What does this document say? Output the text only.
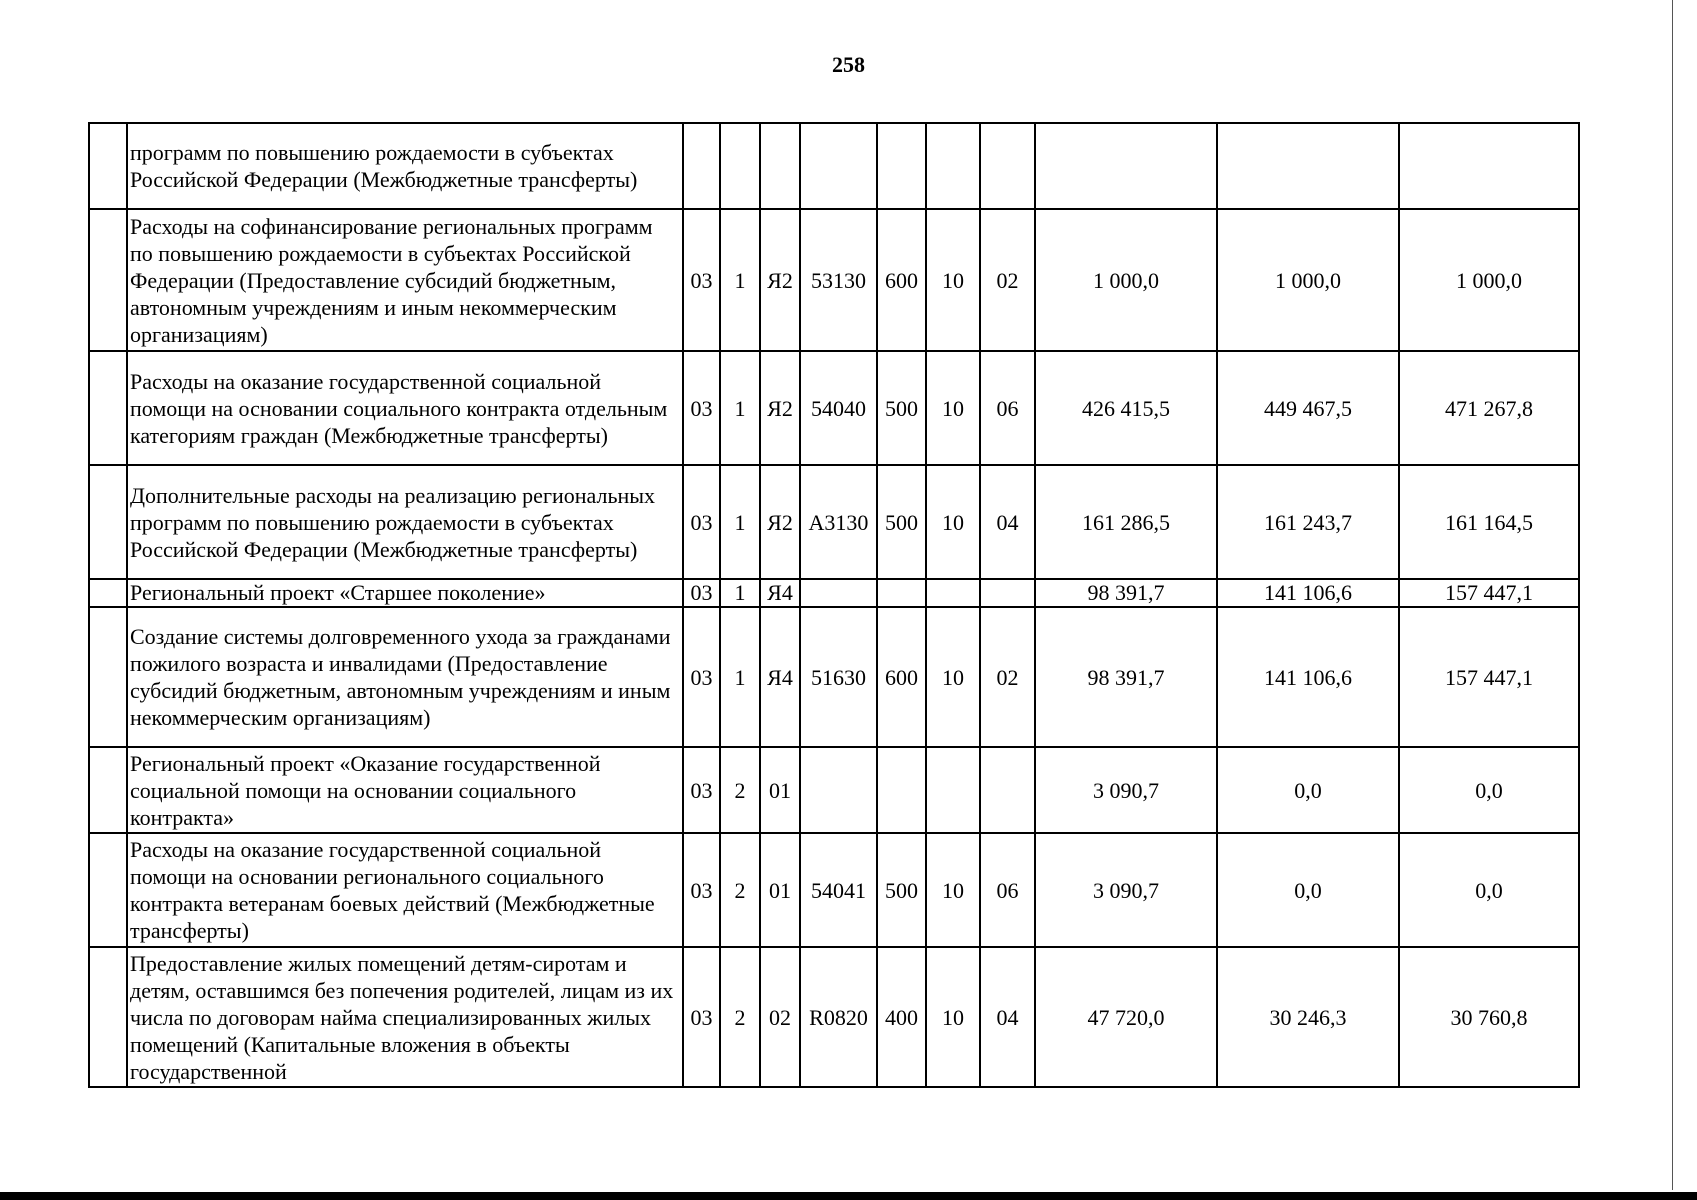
258
	программ по повышению рождаемости в субъектах Российской Федерации (Межбюджетные трансферты)										
	Расходы на софинансирование региональных программ по повышению рождаемости в субъектах Российской Федерации (Предоставление субсидий бюджетным, автономным учреждениям и иным некоммерческим организациям)	03	1	Я2	53130	600	10	02	1 000,0	1 000,0	1 000,0
	Расходы на оказание государственной социальной помощи на основании социального контракта отдельным категориям граждан (Межбюджетные трансферты)	03	1	Я2	54040	500	10	06	426 415,5	449 467,5	471 267,8
	Дополнительные расходы на реализацию региональных программ по повышению рождаемости в субъектах Российской Федерации (Межбюджетные трансферты)	03	1	Я2	А3130	500	10	04	161 286,5	161 243,7	161 164,5
	Региональный проект «Старшее поколение»	03	1	Я4					98 391,7	141 106,6	157 447,1
	Создание системы долговременного ухода за гражданами пожилого возраста и инвалидами (Предоставление субсидий бюджетным, автономным учреждениям и иным некоммерческим организациям)	03	1	Я4	51630	600	10	02	98 391,7	141 106,6	157 447,1
	Региональный проект «Оказание государственной социальной помощи на основании социального контракта»	03	2	01					3 090,7	0,0	0,0
	Расходы на оказание государственной социальной помощи на основании регионального социального контракта ветеранам боевых действий (Межбюджетные трансферты)	03	2	01	54041	500	10	06	3 090,7	0,0	0,0
	Предоставление жилых помещений детям-сиротам и детям, оставшимся без попечения родителей, лицам из их числа по договорам найма специализированных жилых помещений (Капитальные вложения в объекты государственной	03	2	02	R0820	400	10	04	47 720,0	30 246,3	30 760,8
